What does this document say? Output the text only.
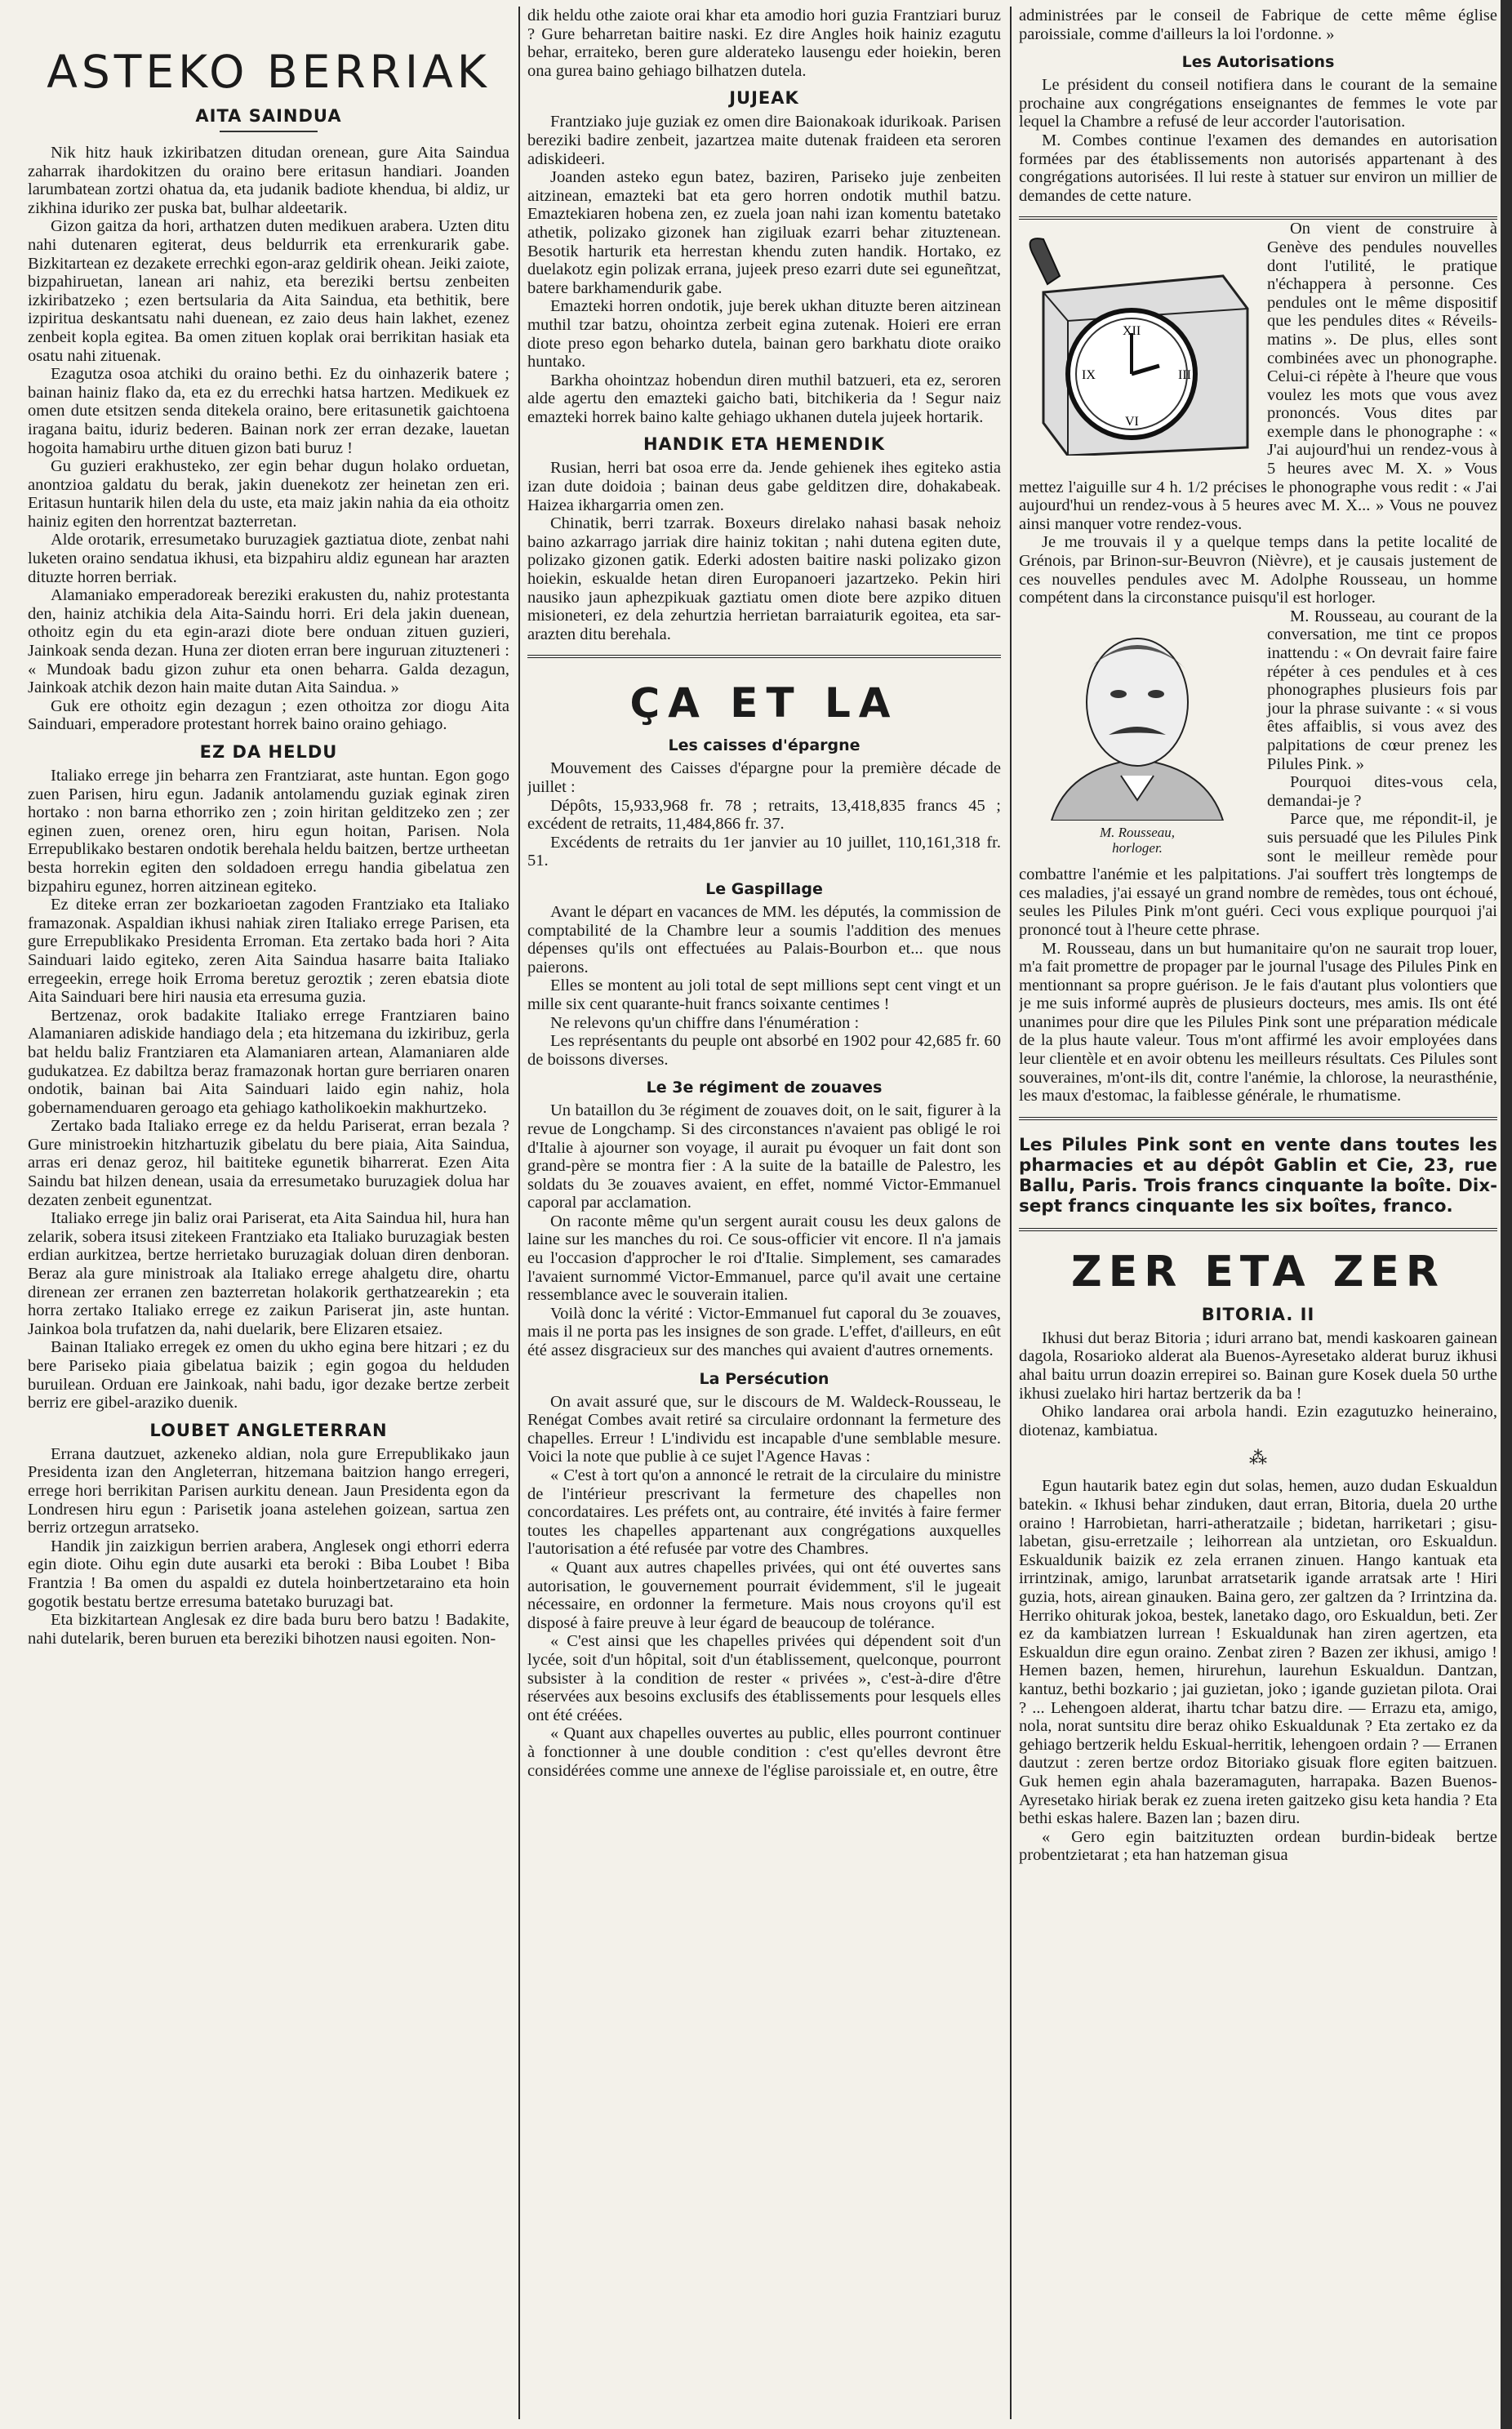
ASTEKO BERRIAK
AITA SAINDUA

Nik hitz hauk izkiribatzen ditudan orenean, gure Aita Saindua zaharrak ihardokitzen du oraino bere eritasun handiari. Joanden larumbatean zortzi ohatua da, eta judanik badiote khendua, bi aldiz, ur zikhina iduriko zer puska bat, bulhar aldeetarik.

Gizon gaitza da hori, arthatzen duten medikuen arabera. Uzten ditu nahi dutenaren egiterat, deus beldurrik eta errenkurarik gabe. Bizkitartean ez dezakete errechki egon-araz geldirik ohean. Jeiki zaiote, bizpahiruetan, lanean ari nahiz, eta bereziki bertsu zenbeiten izkiribatzeko ; ezen bertsularia da Aita Saindua, eta bethitik, bere izpiritua deskantsatu nahi duenean, ez zaio deus hain lakhet, ezenez zenbeit kopla egitea. Ba omen zituen koplak orai berrikitan hasiak eta osatu nahi zituenak.

Ezagutza osoa atchiki du oraino bethi. Ez du oinhazerik batere ; bainan hainiz flako da, eta ez du errechki hatsa hartzen. Medikuek ez omen dute etsitzen senda ditekela oraino, bere eritasunetik gaichtoena iragana baitu, iduriz bederen. Bainan nork zer erran dezake, lauetan hogoita hamabiru urthe dituen gizon bati buruz !

Gu guzieri erakhusteko, zer egin behar dugun holako orduetan, anontzioa galdatu du berak, jakin duenekotz zer heinetan zen eri. Eritasun huntarik hilen dela du uste, eta maiz jakin nahia da eia othoitz hainiz egiten den horrentzat bazterretan.

Alde orotarik, erresumetako buruzagiek gaztiatua diote, zenbat nahi luketen oraino sendatua ikhusi, eta bizpahiru aldiz egunean har arazten dituzte horren berriak.

Alamaniako emperadoreak bereziki erakusten du, nahiz protestanta den, hainiz atchikia dela Aita-Saindu horri. Eri dela jakin duenean, othoitz egin du eta egin-arazi diote bere onduan zituen guzieri, Jainkoak senda dezan. Huna zer dioten erran bere inguruan zituzteneri : « Mundoak badu gizon zuhur eta onen beharra. Galda dezagun, Jainkoak atchik dezon hain maite dutan Aita Saindua. »

Guk ere othoitz egin dezagun ; ezen othoitza zor diogu Aita Sainduari, emperadore protestant horrek baino oraino gehiago.

EZ DA HELDU

Italiako errege jin beharra zen Frantziarat, aste huntan. Egon gogo zuen Parisen, hiru egun. Jadanik antolamendu guziak eginak ziren hortako : non barna ethorriko zen ; zoin hiritan gelditzeko zen ; zer eginen zuen, orenez oren, hiru egun hoitan, Parisen. Nola Errepublikako bestaren ondotik berehala heldu baitzen, bertze urtheetan besta horrekin egiten den soldadoen erregu handia gibelatua zen bizpahiru egunez, horren aitzinean egiteko.

Ez diteke erran zer bozkarioetan zagoden Frantziako eta Italiako framazonak. Aspaldian ikhusi nahiak ziren Italiako errege Parisen, eta gure Errepublikako Presidenta Erroman. Eta zertako bada hori ? Aita Sainduari laido egiteko, zeren Aita Saindua hasarre baita Italiako erregeekin, errege hoik Erroma beretuz geroztik ; zeren ebatsia diote Aita Sainduari bere hiri nausia eta erresuma guzia.

Bertzenaz, orok badakite Italiako errege Frantziaren baino Alamaniaren adiskide handiago dela ; eta hitzemana du izkiribuz, gerla bat heldu baliz Frantziaren eta Alamaniaren artean, Alamaniaren alde gudukatzea. Ez dabiltza beraz framazonak hortan gure berriaren onaren ondotik, bainan bai Aita Sainduari laido egin nahiz, hola gobernamenduaren geroago eta gehiago katholikoekin makhurtzeko.

Zertako bada Italiako errege ez da heldu Pariserat, erran bezala ? Gure ministroekin hitzhartuzik gibelatu du bere piaia, Aita Saindua, arras eri denaz geroz, hil baititeke egunetik biharrerat. Ezen Aita Saindu bat hilzen denean, usaia da erresumetako buruzagiek dolua har dezaten zenbeit egunentzat.

Italiako errege jin baliz orai Pariserat, eta Aita Saindua hil, hura han zelarik, sobera itsusi zitekeen Frantziako eta Italiako buruzagiak besten erdian aurkitzea, bertze herrietako buruzagiak doluan diren denboran. Beraz ala gure ministroak ala Italiako errege ahalgetu dire, ohartu direnean zer erranen zen bazterretan holakorik gerthatzearekin ; eta horra zertako Italiako errege ez zaikun Pariserat jin, aste huntan. Jainkoa bola trufatzen da, nahi duelarik, bere Elizaren etsaiez.

Bainan Italiako erregek ez omen du ukho egina bere hitzari ; ez du bere Pariseko piaia gibelatua baizik ; egin gogoa du helduden buruilean. Orduan ere Jainkoak, nahi badu, igor dezake bertze zerbeit berriz ere gibel-araziko duenik.

LOUBET ANGLETERRAN

Errana dautzuet, azkeneko aldian, nola gure Errepublikako jaun Presidenta izan den Angleterran, hitzemana baitzion hango erregeri, errege hori berrikitan Parisen aurkitu denean. Jaun Presidenta egon da Londresen hiru egun : Parisetik joana astelehen goizean, sartua zen berriz ortzegun arratseko.

Handik jin zaizkigun berrien arabera, Anglesek ongi ethorri ederra egin diote. Oihu egin dute ausarki eta beroki : Biba Loubet ! Biba Frantzia ! Ba omen du aspaldi ez dutela hoinbertzetaraino eta hoin gogotik bestatu bertze erresuma batetako buruzagi bat.

Eta bizkitartean Anglesak ez dire bada buru bero batzu ! Badakite, nahi dutelarik, beren buruen eta bereziki bihotzen nausi egoiten. Non-

dik heldu othe zaiote orai khar eta amodio hori guzia Frantziari buruz ? Gure beharretan baitire naski. Ez dire Angles hoik hainiz ezagutu behar, erraiteko, beren gure alderateko lausengu eder hoiekin, beren ona gurea baino gehiago bilhatzen dutela.

JUJEAK

Frantziako juje guziak ez omen dire Baionakoak idurikoak. Parisen bereziki badire zenbeit, jazartzea maite dutenak fraideen eta seroren adiskideeri.

Joanden asteko egun batez, baziren, Pariseko juje zenbeiten aitzinean, emazteki bat eta gero horren ondotik muthil batzu. Emaztekiaren hobena zen, ez zuela joan nahi izan komentu batetako athetik, polizako gizonek han zigiluak ezarri behar zituztenean. Besotik harturik eta herrestan khendu zuten handik. Hortako, ez duelakotz egin polizak errana, jujeek preso ezarri dute sei eguneñtzat, batere barkhamendurik gabe.

Emazteki horren ondotik, juje berek ukhan dituzte beren aitzinean muthil tzar batzu, ohointza zerbeit egina zutenak. Hoieri ere erran diote preso egon beharko dutela, bainan gero barkhatu diote oraiko huntako.

Barkha ohointzaz hobendun diren muthil batzueri, eta ez, seroren alde agertu den emazteki gaicho bati, bitchikeria da ! Segur naiz emazteki horrek baino kalte gehiago ukhanen dutela jujeek hortarik.

HANDIK ETA HEMENDIK

Rusian, herri bat osoa erre da. Jende gehienek ihes egiteko astia izan dute doidoia ; bainan deus gabe gelditzen dire, dohakabeak. Haizea ikhargarria omen zen.

Chinatik, berri tzarrak. Boxeurs direlako nahasi basak nehoiz baino azkarrago jarriak dire hainiz tokitan ; nahi dutena egiten dute, polizako gizonen gatik. Ederki adosten baitire naski polizako gizon hoiekin, eskualde hetan diren Europanoeri jazartzeko. Pekin hiri nausiko jaun aphezpikuak gaztiatu omen diote bere azpiko dituen misioneteri, ez dela zehurtzia herrietan barraiaturik egoitea, eta sar-arazten ditu berehala.

ÇA ET LA
Les caisses d'épargne

Mouvement des Caisses d'épargne pour la première décade de juillet :

Dépôts, 15,933,968 fr. 78 ; retraits, 13,418,835 francs 45 ; excédent de retraits, 11,484,866 fr. 37.

Excédents de retraits du 1er janvier au 10 juillet, 110,161,318 fr. 51.

Le Gaspillage

Avant le départ en vacances de MM. les députés, la commission de comptabilité de la Chambre leur a soumis l'addition des menues dépenses qu'ils ont effectuées au Palais-Bourbon et... que nous paierons.

Elles se montent au joli total de sept millions sept cent vingt et un mille six cent quarante-huit francs soixante centimes !

Ne relevons qu'un chiffre dans l'énumération :

Les représentants du peuple ont absorbé en 1902 pour 42,685 fr. 60 de boissons diverses.

Le 3e régiment de zouaves

Un bataillon du 3e régiment de zouaves doit, on le sait, figurer à la revue de Longchamp. Si des circonstances n'avaient pas obligé le roi d'Italie à ajourner son voyage, il aurait pu évoquer un fait dont son grand-père se montra fier : A la suite de la bataille de Palestro, les soldats du 3e zouaves avaient, en effet, nommé Victor-Emmanuel caporal par acclamation.

On raconte même qu'un sergent aurait cousu les deux galons de laine sur les manches du roi. Ce sous-officier vit encore. Il n'a jamais eu l'occasion d'approcher le roi d'Italie. Simplement, ses camarades l'avaient surnommé Victor-Emmanuel, parce qu'il avait une certaine ressemblance avec le souverain italien.

Voilà donc la vérité : Victor-Emmanuel fut caporal du 3e zouaves, mais il ne porta pas les insignes de son grade. L'effet, d'ailleurs, en eût été assez disgracieux sur des manches qui avaient d'autres ornements.

La Persécution

On avait assuré que, sur le discours de M. Waldeck-Rousseau, le Renégat Combes avait retiré sa circulaire ordonnant la fermeture des chapelles. Erreur ! L'individu est incapable d'une semblable mesure. Voici la note que publie à ce sujet l'Agence Havas :

« C'est à tort qu'on a annoncé le retrait de la circulaire du ministre de l'intérieur prescrivant la fermeture des chapelles non concordataires. Les préfets ont, au contraire, été invités à faire fermer toutes les chapelles appartenant aux congrégations auxquelles l'autorisation a été refusée par votre des Chambres.

« Quant aux autres chapelles privées, qui ont été ouvertes sans autorisation, le gouvernement pourrait évidemment, s'il le jugeait nécessaire, en ordonner la fermeture. Mais nous croyons qu'il est disposé à faire preuve à leur égard de beaucoup de tolérance.

« C'est ainsi que les chapelles privées qui dépendent soit d'un lycée, soit d'un hôpital, soit d'un établissement, quelconque, pourront subsister à la condition de rester « privées », c'est-à-dire d'être réservées aux besoins exclusifs des établissements pour lesquels elles ont été créées.

« Quant aux chapelles ouvertes au public, elles pourront continuer à fonctionner à une double condition : c'est qu'elles devront être considérées comme une annexe de l'église paroissiale et, en outre, être

administrées par le conseil de Fabrique de cette même église paroissiale, comme d'ailleurs la loi l'ordonne. »

Les Autorisations

Le président du conseil notifiera dans le courant de la semaine prochaine aux congrégations enseignantes de femmes le vote par lequel la Chambre a refusé de leur accorder l'autorisation.

M. Combes continue l'examen des demandes en autorisation formées par des établissements non autorisés appartenant à des congrégations autorisées. Il lui reste à statuer sur environ un millier de demandes de cette nature.

XII
III
VI
IX

On vient de construire à Genève des pendules nouvelles dont l'utilité, le pratique n'échappera à personne. Ces pendules ont le même dispositif que les pendules dites « Réveils-matins ». De plus, elles sont combinées avec un phonographe. Celui-ci répète à l'heure que vous voulez les mots que vous avez prononcés. Vous dites par exemple dans le phonographe : « J'ai aujourd'hui un rendez-vous à 5 heures avec M. X. » Vous mettez l'aiguille sur 4 h. 1/2 précises le phonographe vous redit : « J'ai aujourd'hui un rendez-vous à 5 heures avec M. X... » Vous ne pouvez ainsi manquer votre rendez-vous.

Je me trouvais il y a quelque temps dans la petite localité de Grénois, par Brinon-sur-Beuvron (Nièvre), et je causais justement de ces nouvelles pendules avec M. Adolphe Rousseau, un homme compétent dans la circonstance puisqu'il est horloger.

M. Rousseau,
horloger.

M. Rousseau, au courant de la conversation, me tint ce propos inattendu : « On devrait faire faire répéter à ces pendules et à ces phonographes plusieurs fois par jour la phrase suivante : « si vous êtes affaiblis, si vous avez des palpitations de cœur prenez les Pilules Pink. »

Pourquoi dites-vous cela, demandai-je ?

Parce que, me répondit-il, je suis persuadé que les Pilules Pink sont le meilleur remède pour combattre l'anémie et les palpitations. J'ai souffert très longtemps de ces maladies, j'ai essayé un grand nombre de remèdes, tous ont échoué, seules les Pilules Pink m'ont guéri. Ceci vous explique pourquoi j'ai prononcé tout à l'heure cette phrase.

M. Rousseau, dans un but humanitaire qu'on ne saurait trop louer, m'a fait promettre de propager par le journal l'usage des Pilules Pink en mentionnant sa propre guérison. Je le fais d'autant plus volontiers que je me suis informé auprès de plusieurs docteurs, mes amis. Ils ont été unanimes pour dire que les Pilules Pink sont une préparation médicale de la plus haute valeur. Tous m'ont affirmé les avoir employées dans leur clientèle et en avoir obtenu les meilleurs résultats. Ces Pilules sont souveraines, m'ont-ils dit, contre l'anémie, la chlorose, la neurasthénie, les maux d'estomac, la faiblesse générale, le rhumatisme.

Les Pilules Pink sont en vente dans toutes les pharmacies et au dépôt Gablin et Cie, 23, rue Ballu, Paris. Trois francs cinquante la boîte. Dix-sept francs cinquante les six boîtes, franco.
ZER ETA ZER
BITORIA. II

Ikhusi dut beraz Bitoria ; iduri arrano bat, mendi kaskoaren gainean dagola, Rosarioko alderat ala Buenos-Ayresetako alderat buruz ikhusi ahal baitu urrun doazin errepirei so. Bainan gure Kosek duela 50 urthe ikhusi zuelako hiri hartaz bertzerik da ba !

Ohiko landarea orai arbola handi. Ezin ezagutuzko heineraino, diotenaz, kambiatua.

⁂

Egun hautarik batez egin dut solas, hemen, auzo dudan Eskualdun batekin. « Ikhusi behar zinduken, daut erran, Bitoria, duela 20 urthe oraino ! Harrobietan, harri-atheratzaile ; bidetan, harriketari ; gisu-labetan, gisu-erretzaile ; leihorrean ala untzietan, oro Eskualdun. Eskualdunik baizik ez zela erranen zinuen. Hango kantuak eta irrintzinak, amigo, larunbat arratsetarik igande arratsak arte ! Hiri guzia, hots, airean ginauken. Baina gero, zer galtzen da ? Irrintzina da. Herriko ohiturak jokoa, bestek, lanetako dago, oro Eskualdun, beti. Zer ez da kambiatzen lurrean ! Eskualdunak han ziren agertzen, eta Eskualdun dire egun oraino. Zenbat ziren ? Bazen zer ikhusi, amigo ! Hemen bazen, hemen, hirurehun, laurehun Eskualdun. Dantzan, kantuz, bethi bozkario ; jai guzietan, joko ; igande guzietan pilota. Orai ? ... Lehengoen alderat, ihartu tchar batzu dire. — Errazu eta, amigo, nola, norat suntsitu dire beraz ohiko Eskualdunak ? Eta zertako ez da gehiago bertzerik heldu Eskual-herritik, lehengoen ordain ? — Erranen dautzut : zeren bertze ordoz Bitoriako gisuak flore egiten baitzuen. Guk hemen egin ahala bazeramaguten, harrapaka. Bazen Buenos-Ayresetako hiriak berak ez zuena ireten gaitzeko gisu keta handia ? Eta bethi eskas halere. Bazen lan ; bazen diru.

« Gero egin baitzituzten ordean burdin-bideak bertze probentzietarat ; eta han hatzeman gisua
